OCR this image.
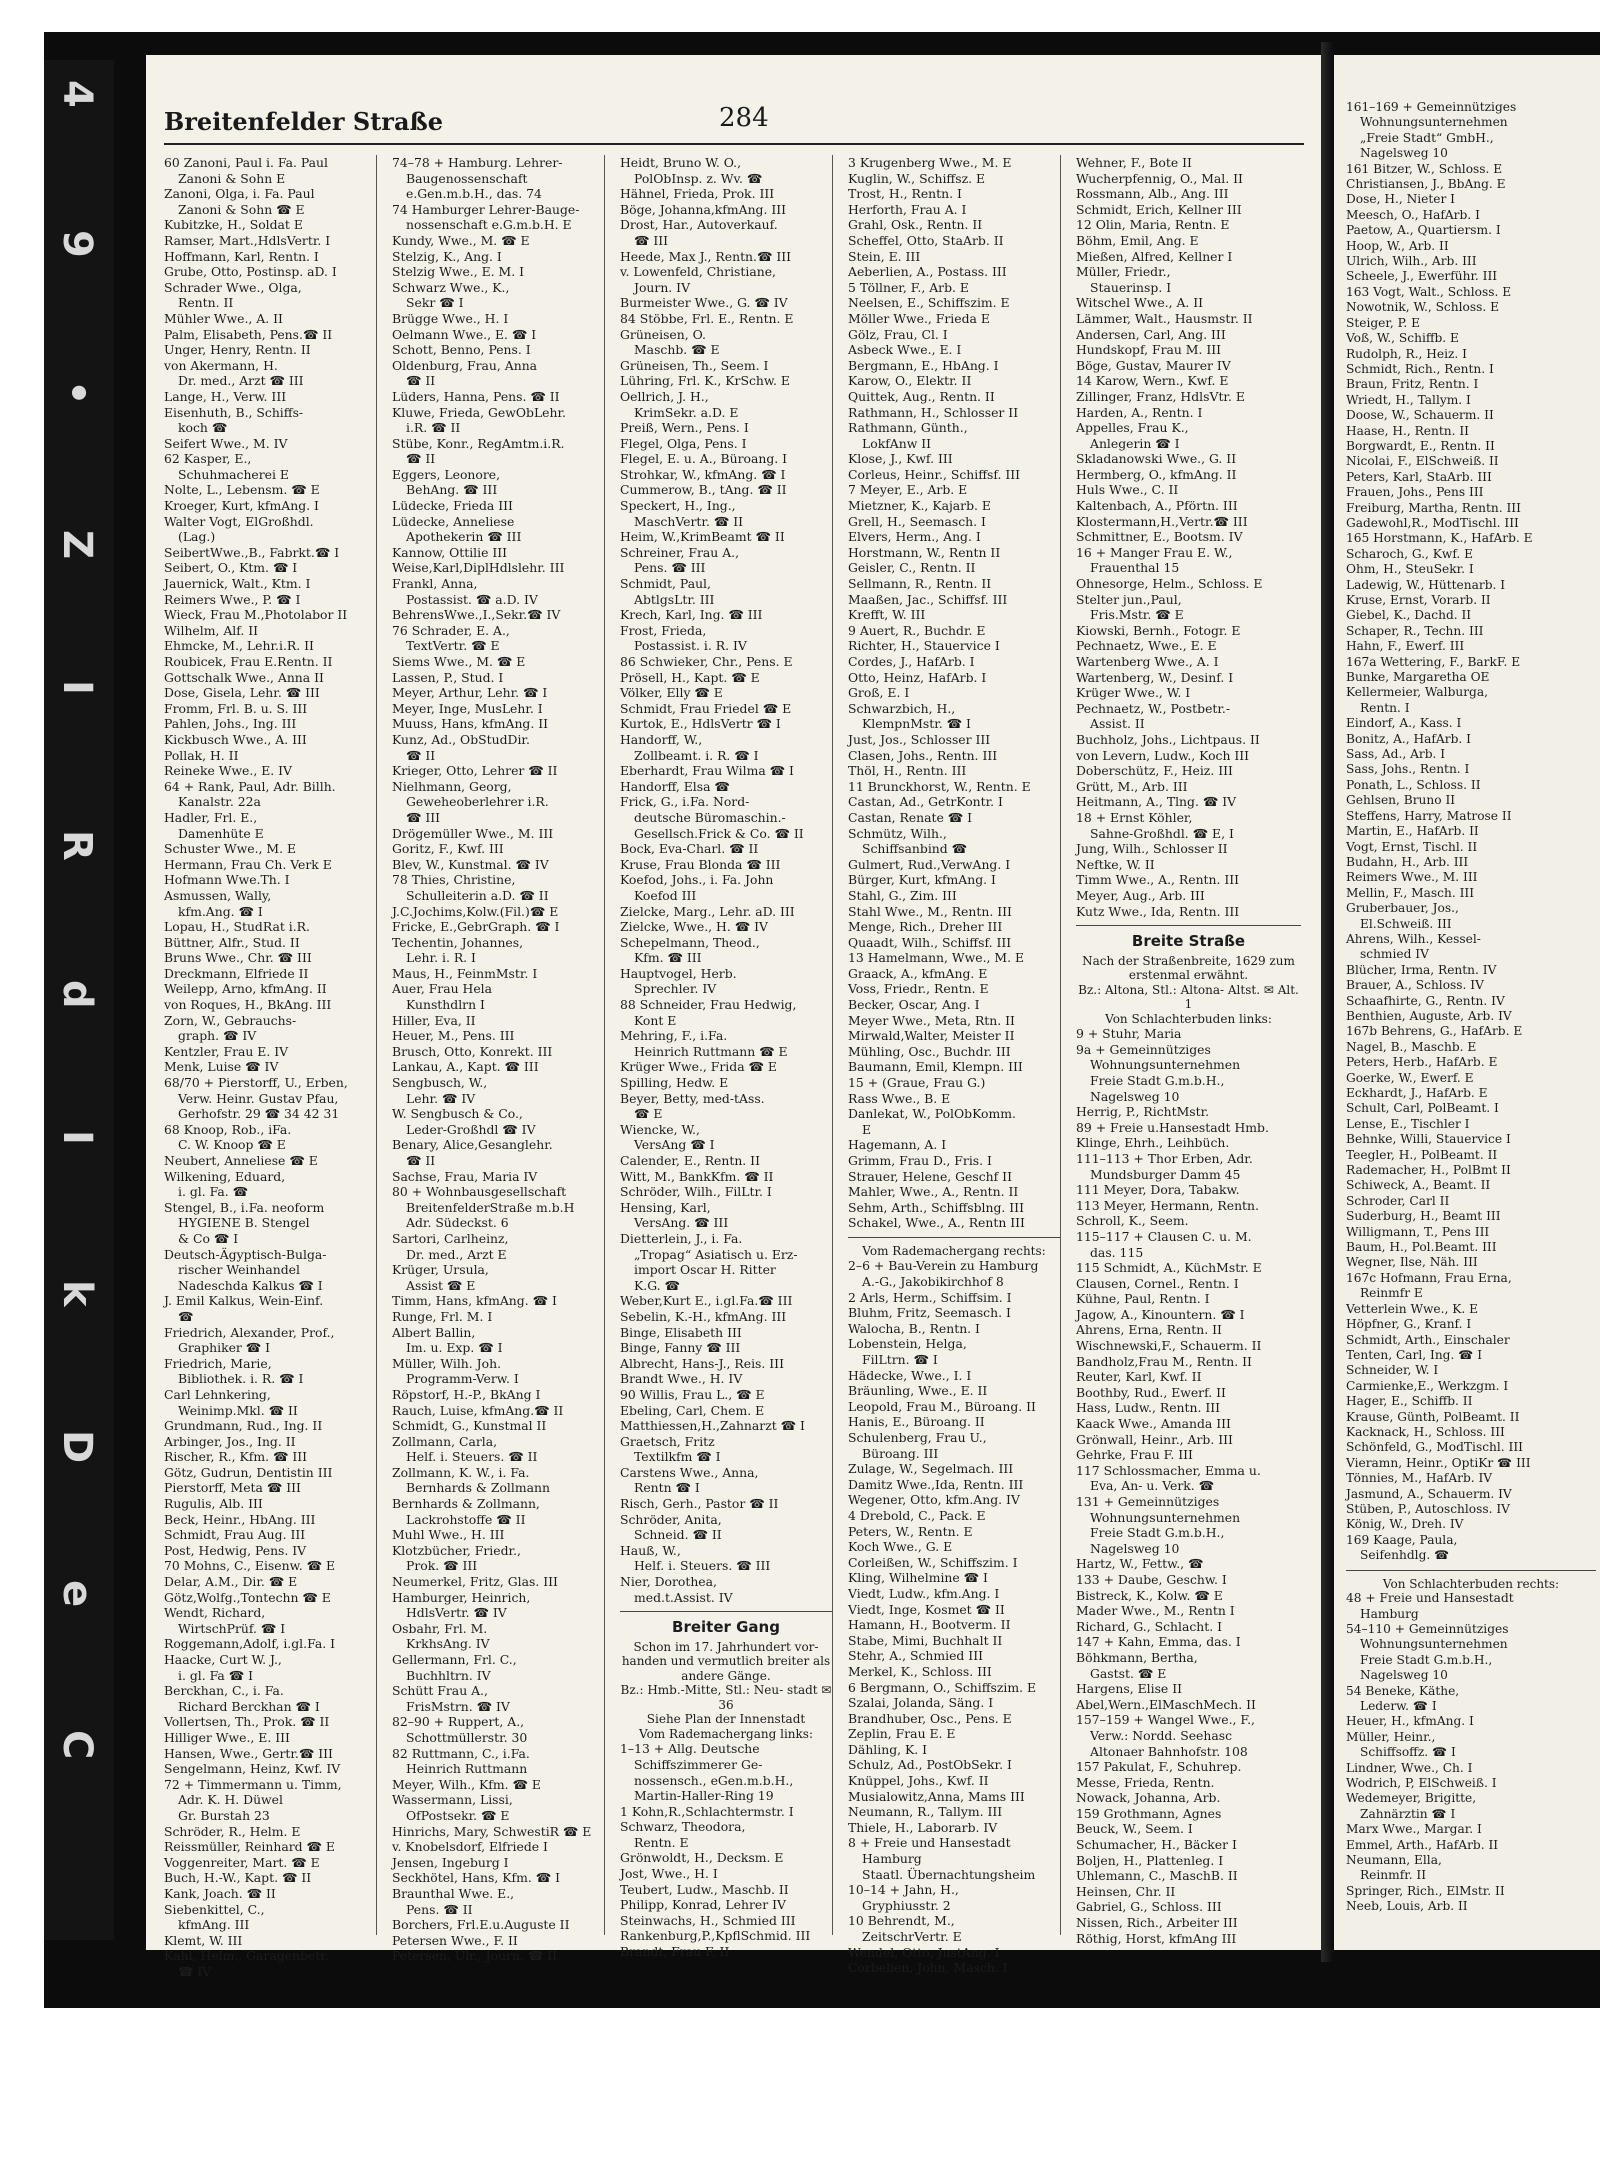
4
9
•
Z
I
R
d
I
k
D
e
C
Breitenfelder Straße	284
60 Zanoni, Paul i. Fa. Paul
Zanoni & Sohn E
Zanoni, Olga, i. Fa. Paul
Zanoni & Sohn ☎ E
Kubitzke, H., Soldat E
Ramser, Mart.,HdlsVertr. I
Hoffmann, Karl, Rentn. I
Grube, Otto, Postinsp. aD. I
Schrader Wwe., Olga,
Rentn. II
Mühler Wwe., A. II
Palm, Elisabeth, Pens.☎ II
Unger, Henry, Rentn. II
von Akermann, H.
Dr. med., Arzt ☎ III
Lange, H., Verw. III
Eisenhuth, B., Schiffs-
koch ☎
Seifert Wwe., M. IV
62 Kasper, E.,
Schuhmacherei E
Nolte, L., Lebensm. ☎ E
Kroeger, Kurt, kfmAng. I
Walter Vogt, ElGroßhdl.
(Lag.)
SeibertWwe.,B., Fabrkt.☎ I
Seibert, O., Ktm. ☎ I
Jauernick, Walt., Ktm. I
Reimers Wwe., P. ☎ I
Wieck, Frau M.,Photolabor II
Wilhelm, Alf. II
Ehmcke, M., Lehr.i.R. II
Roubicek, Frau E.Rentn. II
Gottschalk Wwe., Anna II
Dose, Gisela, Lehr. ☎ III
Fromm, Frl. B. u. S. III
Pahlen, Johs., Ing. III
Kickbusch Wwe., A. III
Pollak, H. II
Reineke Wwe., E. IV
64 + Rank, Paul, Adr. Billh.
Kanalstr. 22a
Hadler, Frl. E.,
Damenhüte E
Schuster Wwe., M. E
Hermann, Frau Ch. Verk E
Hofmann Wwe.Th. I
Asmussen, Wally,
kfm.Ang. ☎ I
Lopau, H., StudRat i.R.
Büttner, Alfr., Stud. II
Bruns Wwe., Chr. ☎ III
Dreckmann, Elfriede II
Weilepp, Arno, kfmAng. II
von Roques, H., BkAng. III
Zorn, W., Gebrauchs-
graph. ☎ IV
Kentzler, Frau E. IV
Menk, Luise ☎ IV
68/70 + Pierstorff, U., Erben,
Verw. Heinr. Gustav Pfau,
Gerhofstr. 29 ☎ 34 42 31
68 Knoop, Rob., iFa.
C. W. Knoop ☎ E
Neubert, Anneliese ☎ E
Wilkening, Eduard,
i. gl. Fa. ☎
Stengel, B., i.Fa. neoform
HYGIENE B. Stengel
& Co ☎ I
Deutsch-Ägyptisch-Bulga-
rischer Weinhandel
Nadeschda Kalkus ☎ I
J. Emil Kalkus, Wein-Einf.
☎
Friedrich, Alexander, Prof.,
Graphiker ☎ I
Friedrich, Marie,
Bibliothek. i. R. ☎ I
Carl Lehnkering,
Weinimp.Mkl. ☎ II
Grundmann, Rud., Ing. II
Arbinger, Jos., Ing. II
Rischer, R., Kfm. ☎ III
Götz, Gudrun, Dentistin III
Pierstorff, Meta ☎ III
Rugulis, Alb. III
Beck, Heinr., HbAng. III
Schmidt, Frau Aug. III
Post, Hedwig, Pens. IV
70 Mohns, C., Eisenw. ☎ E
Delar, A.M., Dir. ☎ E
Götz,Wolfg.,Tontechn ☎ E
Wendt, Richard,
WirtschPrüf. ☎ I
Roggemann,Adolf, i.gl.Fa. I
Haacke, Curt W. J.,
i. gl. Fa ☎ I
Berckhan, C., i. Fa.
Richard Berckhan ☎ I
Vollertsen, Th., Prok. ☎ II
Hilliger Wwe., E. III
Hansen, Wwe., Gertr.☎ III
Sengelmann, Heinz, Kwf. IV
72 + Timmermann u. Timm,
Adr. K. H. Düwel
Gr. Burstah 23
Schröder, R., Helm. E
Reissmüller, Reinhard ☎ E
Voggenreiter, Mart. ☎ E
Buch, H.-W., Kapt. ☎ II
Kank, Joach. ☎ II
Siebenkittel, C.,
kfmAng. III
Klemt, W. III
Kahl, Helm., Garagenbetr.
☎ IV
74–78 + Hamburg. Lehrer-
Baugenossenschaft
e.Gen.m.b.H., das. 74
74 Hamburger Lehrer-Bauge-
nossenschaft e.G.m.b.H. E
Kundy, Wwe., M. ☎ E
Stelzig, K., Ang. I
Stelzig Wwe., E. M. I
Schwarz Wwe., K.,
Sekr ☎ I
Brügge Wwe., H. I
Oelmann Wwe., E. ☎ I
Schott, Benno, Pens. I
Oldenburg, Frau, Anna
☎ II
Lüders, Hanna, Pens. ☎ II
Kluwe, Frieda, GewObLehr.
i.R. ☎ II
Stübe, Konr., RegAmtm.i.R.
☎ II
Eggers, Leonore,
BehAng. ☎ III
Lüdecke, Frieda III
Lüdecke, Anneliese
Apothekerin ☎ III
Kannow, Ottilie III
Weise,Karl,DiplHdlslehr. III
Frankl, Anna,
Postassist. ☎ a.D. IV
BehrensWwe.,I.,Sekr.☎ IV
76 Schrader, E. A.,
TextVertr. ☎ E
Siems Wwe., M. ☎ E
Lassen, P., Stud. I
Meyer, Arthur, Lehr. ☎ I
Meyer, Inge, MusLehr. I
Muuss, Hans, kfmAng. II
Kunz, Ad., ObStudDir.
☎ II
Krieger, Otto, Lehrer ☎ II
Nielhmann, Georg,
Geweheoberlehrer i.R.
☎ III
Drögemüller Wwe., M. III
Goritz, F., Kwf. III
Blev, W., Kunstmal. ☎ IV
78 Thies, Christine,
Schulleiterin a.D. ☎ II
J.C.Jochims,Kolw.(Fil.)☎ E
Fricke, E.,GebrGraph. ☎ I
Techentin, Johannes,
Lehr. i. R. I
Maus, H., FeinmMstr. I
Auer, Frau Hela
Kunsthdlrn I
Hiller, Eva, II
Heuer, M., Pens. III
Brusch, Otto, Konrekt. III
Lankau, A., Kapt. ☎ III
Sengbusch, W.,
Lehr. ☎ IV
W. Sengbusch & Co.,
Leder-Großhdl ☎ IV
Benary, Alice,Gesanglehr.
☎ II
Sachse, Frau, Maria IV
80 + Wohnbausgesellschaft
BreitenfelderStraße m.b.H
Adr. Südeckst. 6
Sartori, Carlheinz,
Dr. med., Arzt E
Krüger, Ursula,
Assist ☎ E
Timm, Hans, kfmAng. ☎ I
Runge, Frl. M. I
Albert Ballin,
Im. u. Exp. ☎ I
Müller, Wilh. Joh.
Programm-Verw. I
Röpstorf, H.-P., BkAng I
Rauch, Luise, kfmAng.☎ II
Schmidt, G., Kunstmal II
Zollmann, Carla,
Helf. i. Steuers. ☎ II
Zollmann, K. W., i. Fa.
Bernhards & Zollmann
Bernhards & Zollmann,
Lackrohstoffe ☎ II
Muhl Wwe., H. III
Klotzbücher, Friedr.,
Prok. ☎ III
Neumerkel, Fritz, Glas. III
Hamburger, Heinrich,
HdlsVertr. ☎ IV
Osbahr, Frl. M.
KrkhsAng. IV
Gellermann, Frl. C.,
Buchhltrn. IV
Schütt Frau A.,
FrisMstrn. ☎ IV
82–90 + Ruppert, A.,
Schottmüllerstr. 30
82 Ruttmann, C., i.Fa.
Heinrich Ruttmann
Meyer, Wilh., Kfm. ☎ E
Wassermann, Lissi,
OfPostsekr. ☎ E
Hinrichs, Mary, SchwestiR ☎ E
v. Knobelsdorf, Elfriede I
Jensen, Ingeburg I
Seckhötel, Hans, Kfm. ☎ I
Braunthal Wwe. E.,
Pens. ☎ II
Borchers, Frl.E.u.Auguste II
Petersen Wwe., F. II
Petersen, Ulr., Journ. ☎ II
Heidt, Bruno W. O.,
PolObInsp. z. Wv. ☎
Hähnel, Frieda, Prok. III
Böge, Johanna,kfmAng. III
Drost, Har., Autoverkauf.
☎ III
Heede, Max J., Rentn.☎ III
v. Lowenfeld, Christiane,
Journ. IV
Burmeister Wwe., G. ☎ IV
84 Stöbbe, Frl. E., Rentn. E
Grüneisen, O.
Maschb. ☎ E
Grüneisen, Th., Seem. I
Lühring, Frl. K., KrSchw. E
Oellrich, J. H.,
KrimSekr. a.D. E
Preiß, Wern., Pens. I
Flegel, Olga, Pens. I
Flegel, E. u. A., Büroang. I
Strohkar, W., kfmAng. ☎ I
Cummerow, B., tAng. ☎ II
Speckert, H., Ing.,
MaschVertr. ☎ II
Heim, W.,KrimBeamt ☎ II
Schreiner, Frau A.,
Pens. ☎ III
Schmidt, Paul,
AbtlgsLtr. III
Krech, Karl, Ing. ☎ III
Frost, Frieda,
Postassist. i. R. IV
86 Schwieker, Chr., Pens. E
Prösell, H., Kapt. ☎ E
Völker, Elly ☎ E
Schmidt, Frau Friedel ☎ E
Kurtok, E., HdlsVertr ☎ I
Handorff, W.,
Zollbeamt. i. R. ☎ I
Eberhardt, Frau Wilma ☎ I
Handorff, Elsa ☎
Frick, G., i.Fa. Nord-
deutsche Büromaschin.-
Gesellsch.Frick & Co. ☎ II
Bock, Eva-Charl. ☎ II
Kruse, Frau Blonda ☎ III
Koefod, Johs., i. Fa. John
Koefod III
Zielcke, Marg., Lehr. aD. III
Zielcke, Wwe., H. ☎ IV
Schepelmann, Theod.,
Kfm. ☎ III
Hauptvogel, Herb.
Sprechler. IV
88 Schneider, Frau Hedwig,
Kont E
Mehring, F., i.Fa.
Heinrich Ruttmann ☎ E
Krüger Wwe., Frida ☎ E
Spilling, Hedw. E
Beyer, Betty, med-tAss.
☎ E
Wiencke, W.,
VersAng ☎ I
Calender, E., Rentn. II
Witt, M., BankKfm. ☎ II
Schröder, Wilh., FilLtr. I
Hensing, Karl,
VersAng. ☎ III
Dietterlein, J., i. Fa.
„Tropag“ Asiatisch u. Erz-
import Oscar H. Ritter
K.G. ☎
Weber,Kurt E., i.gl.Fa.☎ III
Sebelin, K.-H., kfmAng. III
Binge, Elisabeth III
Binge, Fanny ☎ III
Albrecht, Hans-J., Reis. III
Brandt Wwe., H. IV
90 Willis, Frau L., ☎ E
Ebeling, Carl, Chem. E
Matthiessen,H.,Zahnarzt ☎ I
Graetsch, Fritz
Textilkfm ☎ I
Carstens Wwe., Anna,
Rentn ☎ I
Risch, Gerh., Pastor ☎ II
Schröder, Anita,
Schneid. ☎ II
Hauß, W.,
Helf. i. Steuers. ☎ III
Nier, Dorothea,
med.t.Assist. IV
Breiter Gang
Schon im 17. Jahrhundert vor- handen und vermutlich breiter als andere Gänge.
Bz.: Hmb.-Mitte, Stl.: Neu- stadt ✉ 36
Siehe Plan der Innenstadt
Vom Rademachergang links:
1–13 + Allg. Deutsche
Schiffszimmerer Ge-
nossensch., eGen.m.b.H.,
Martin-Haller-Ring 19
1 Kohn,R.,Schlachtermstr. I
Schwarz, Theodora,
Rentn. E
Grönwoldt, H., Decksm. E
Jost, Wwe., H. I
Teubert, Ludw., Maschb. II
Philipp, Konrad, Lehrer IV
Steinwachs, H., Schmied III
Rankenburg,P.,KpflSchmid. III
Brandt, Frau F. II
3 Krugenberg Wwe., M. E
Kuglin, W., Schiffsz. E
Trost, H., Rentn. I
Herforth, Frau A. I
Grahl, Osk., Rentn. II
Scheffel, Otto, StaArb. II
Stein, E. III
Aeberlien, A., Postass. III
5 Töllner, F., Arb. E
Neelsen, E., Schiffszim. E
Möller Wwe., Frieda E
Gölz, Frau, Cl. I
Asbeck Wwe., E. I
Bergmann, E., HbAng. I
Karow, O., Elektr. II
Quittek, Aug., Rentn. II
Rathmann, H., Schlosser II
Rathmann, Günth.,
LokfAnw II
Klose, J., Kwf. III
Corleus, Heinr., Schiffsf. III
7 Meyer, E., Arb. E
Mietzner, K., Kajarb. E
Grell, H., Seemasch. I
Elvers, Herm., Ang. I
Horstmann, W., Rentn II
Geisler, C., Rentn. II
Sellmann, R., Rentn. II
Maaßen, Jac., Schiffsf. III
Krefft, W. III
9 Auert, R., Buchdr. E
Richter, H., Stauervice I
Cordes, J., HafArb. I
Otto, Heinz, HafArb. I
Groß, E. I
Schwarzbich, H.,
KlempnMstr. ☎ I
Just, Jos., Schlosser III
Clasen, Johs., Rentn. III
Thöl, H., Rentn. III
11 Brunckhorst, W., Rentn. E
Castan, Ad., GetrKontr. I
Castan, Renate ☎ I
Schmütz, Wilh.,
Schiffsanbind ☎
Gulmert, Rud.,VerwAng. I
Bürger, Kurt, kfmAng. I
Stahl, G., Zim. III
Stahl Wwe., M., Rentn. III
Menge, Rich., Dreher III
Quaadt, Wilh., Schiffsf. III
13 Hamelmann, Wwe., M. E
Graack, A., kfmAng. E
Voss, Friedr., Rentn. E
Becker, Oscar, Ang. I
Meyer Wwe., Meta, Rtn. II
Mirwald,Walter, Meister II
Mühling, Osc., Buchdr. III
Baumann, Emil, Klempn. III
15 + (Graue, Frau G.)
Rass Wwe., B. E
Danlekat, W., PolObKomm.
E
Hagemann, A. I
Grimm, Frau D., Fris. I
Strauer, Helene, Geschf II
Mahler, Wwe., A., Rentn. II
Sehm, Arth., Schiffsblng. III
Schakel, Wwe., A., Rentn III
Vom Rademachergang rechts:
2–6 + Bau-Verein zu Hamburg
A.-G., Jakobikirchhof 8
2 Arls, Herm., Schiffsim. I
Bluhm, Fritz, Seemasch. I
Walocha, B., Rentn. I
Lobenstein, Helga,
FilLtrn. ☎ I
Hädecke, Wwe., I. I
Bräunling, Wwe., E. II
Leopold, Frau M., Büroang. II
Hanis, E., Büroang. II
Schulenberg, Frau U.,
Büroang. III
Zulage, W., Segelmach. III
Damitz Wwe.,Ida, Rentn. III
Wegener, Otto, kfm.Ang. IV
4 Drebold, C., Pack. E
Peters, W., Rentn. E
Koch Wwe., G. E
Corleißen, W., Schiffszim. I
Kling, Wilhelmine ☎ I
Viedt, Ludw., kfm.Ang. I
Viedt, Inge, Kosmet ☎ II
Hamann, H., Bootverm. II
Stabe, Mimi, Buchhalt II
Stehr, A., Schmied III
Merkel, K., Schloss. III
6 Bergmann, O., Schiffszim. E
Szalai, Jolanda, Säng. I
Brandhuber, Osc., Pens. E
Zeplin, Frau E. E
Dähling, K. I
Schulz, Ad., PostObSekr. I
Knüppel, Johs., Kwf. II
Musialowitz,Anna, Mams III
Neumann, R., Tallym. III
Thiele, H., Laborarb. IV
8 + Freie und Hansestadt
Hamburg
Staatl. Übernachtungsheim
10–14 + Jahn, H.,
Gryphiusstr. 2
10 Behrendt, M.,
ZeitschrVertr. E
Wendel, Otto, JustAng. I
Corbelien, John, Masch. I
Wehner, F., Bote II
Wucherpfennig, O., Mal. II
Rossmann, Alb., Ang. III
Schmidt, Erich, Kellner III
12 Olin, Maria, Rentn. E
Böhm, Emil, Ang. E
Mießen, Alfred, Kellner I
Müller, Friedr.,
Stauerinsp. I
Witschel Wwe., A. II
Lämmer, Walt., Hausmstr. II
Andersen, Carl, Ang. III
Hundskopf, Frau M. III
Böge, Gustav, Maurer IV
14 Karow, Wern., Kwf. E
Zillinger, Franz, HdlsVtr. E
Harden, A., Rentn. I
Appelles, Frau K.,
Anlegerin ☎ I
Skladanowski Wwe., G. II
Hermberg, O., kfmAng. II
Huls Wwe., C. II
Kaltenbach, A., Pförtn. III
Klostermann,H.,Vertr.☎ III
Schmittner, E., Bootsm. IV
16 + Manger Frau E. W.,
Frauenthal 15
Ohnesorge, Helm., Schloss. E
Stelter jun.,Paul,
Fris.Mstr. ☎ E
Kiowski, Bernh., Fotogr. E
Pechnaetz, Wwe., E. E
Wartenberg Wwe., A. I
Wartenberg, W., Desinf. I
Krüger Wwe., W. I
Pechnaetz, W., Postbetr.-
Assist. II
Buchholz, Johs., Lichtpaus. II
von Levern, Ludw., Koch III
Doberschütz, F., Heiz. III
Grütt, M., Arb. III
Heitmann, A., Tlng. ☎ IV
18 + Ernst Köhler,
Sahne-Großhdl. ☎ E, I
Jung, Wilh., Schlosser II
Neftke, W. II
Timm Wwe., A., Rentn. III
Meyer, Aug., Arb. III
Kutz Wwe., Ida, Rentn. III
Breite Straße
Nach der Straßenbreite, 1629 zum erstenmal erwähnt.
Bz.: Altona, Stl.: Altona- Altst. ✉ Alt. 1
Von Schlachterbuden links:
9 + Stuhr, Maria
9a + Gemeinnütziges
Wohnungsunternehmen
Freie Stadt G.m.b.H.,
Nagelsweg 10
Herrig, P., RichtMstr.
89 + Freie u.Hansestadt Hmb.
Klinge, Ehrh., Leihbüch.
111–113 + Thor Erben, Adr.
Mundsburger Damm 45
111 Meyer, Dora, Tabakw.
113 Meyer, Hermann, Rentn.
Schroll, K., Seem.
115–117 + Clausen C. u. M.
das. 115
115 Schmidt, A., KüchMstr. E
Clausen, Cornel., Rentn. I
Kühne, Paul, Rentn. I
Jagow, A., Kinountern. ☎ I
Ahrens, Erna, Rentn. II
Wischnewski,F., Schauerm. II
Bandholz,Frau M., Rentn. II
Reuter, Karl, Kwf. II
Boothby, Rud., Ewerf. II
Hass, Ludw., Rentn. III
Kaack Wwe., Amanda III
Grönwall, Heinr., Arb. III
Gehrke, Frau F. III
117 Schlossmacher, Emma u.
Eva, An- u. Verk. ☎
131 + Gemeinnütziges
Wohnungsunternehmen
Freie Stadt G.m.b.H.,
Nagelsweg 10
Hartz, W., Fettw., ☎
133 + Daube, Geschw. I
Bistreck, K., Kolw. ☎ E
Mader Wwe., M., Rentn I
Richard, G., Schlacht. I
147 + Kahn, Emma, das. I
Böhkmann, Bertha,
Gastst. ☎ E
Hargens, Elise II
Abel,Wern.,ElMaschMech. II
157–159 + Wangel Wwe., F.,
Verw.: Nordd. Seehasc
Altonaer Bahnhofstr. 108
157 Pakulat, F., Schuhrep.
Messe, Frieda, Rentn.
Nowack, Johanna, Arb.
159 Grothmann, Agnes
Beuck, W., Seem. I
Schumacher, H., Bäcker I
Boljen, H., Plattenleg. I
Uhlemann, C., MaschB. II
Heinsen, Chr. II
Gabriel, G., Schloss. III
Nissen, Rich., Arbeiter III
Röthig, Horst, kfmAng III
161–169 + Gemeinnütziges
Wohnungsunternehmen
„Freie Stadt“ GmbH.,
Nagelsweg 10
161 Bitzer, W., Schloss. E
Christiansen, J., BbAng. E
Dose, H., Nieter I
Meesch, O., HafArb. I
Paetow, A., Quartiersm. I
Hoop, W., Arb. II
Ulrich, Wilh., Arb. III
Scheele, J., Ewerführ. III
163 Vogt, Walt., Schloss. E
Nowotnik, W., Schloss. E
Steiger, P. E
Voß, W., Schiffb. E
Rudolph, R., Heiz. I
Schmidt, Rich., Rentn. I
Braun, Fritz, Rentn. I
Wriedt, H., Tallym. I
Doose, W., Schauerm. II
Haase, H., Rentn. II
Borgwardt, E., Rentn. II
Nicolai, F., ElSchweiß. II
Peters, Karl, StaArb. III
Frauen, Johs., Pens III
Freiburg, Martha, Rentn. III
Gadewohl,R., ModTischl. III
165 Horstmann, K., HafArb. E
Scharoch, G., Kwf. E
Ohm, H., SteuSekr. I
Ladewig, W., Hüttenarb. I
Kruse, Ernst, Vorarb. II
Giebel, K., Dachd. II
Schaper, R., Techn. III
Hahn, F., Ewerf. III
167a Wettering, F., BarkF. E
Bunke, Margaretha OE
Kellermeier, Walburga,
Rentn. I
Eindorf, A., Kass. I
Bonitz, A., HafArb. I
Sass, Ad., Arb. I
Sass, Johs., Rentn. I
Ponath, L., Schloss. II
Gehlsen, Bruno II
Steffens, Harry, Matrose II
Martin, E., HafArb. II
Vogt, Ernst, Tischl. II
Budahn, H., Arb. III
Reimers Wwe., M. III
Mellin, F., Masch. III
Gruberbauer, Jos.,
El.Schweiß. III
Ahrens, Wilh., Kessel-
schmied IV
Blücher, Irma, Rentn. IV
Brauer, A., Schloss. IV
Schaafhirte, G., Rentn. IV
Benthien, Auguste, Arb. IV
167b Behrens, G., HafArb. E
Nagel, B., Maschb. E
Peters, Herb., HafArb. E
Goerke, W., Ewerf. E
Eckhardt, J., HafArb. E
Schult, Carl, PolBeamt. I
Lense, E., Tischler I
Behnke, Willi, Stauervice I
Teegler, H., PolBeamt. II
Rademacher, H., PolBmt II
Schiweck, A., Beamt. II
Schroder, Carl II
Suderburg, H., Beamt III
Willigmann, T., Pens III
Baum, H., Pol.Beamt. III
Wegner, Ilse, Näh. III
167c Hofmann, Frau Erna,
Reinmfr E
Vetterlein Wwe., K. E
Höpfner, G., Kranf. I
Schmidt, Arth., Einschaler
Tenten, Carl, Ing. ☎ I
Schneider, W. I
Carmienke,E., Werkzgm. I
Hager, E., Schiffb. II
Krause, Günth, PolBeamt. II
Kacknack, H., Schloss. III
Schönfeld, G., ModTischl. III
Vieramn, Heinr., OptiKr ☎ III
Tönnies, M., HafArb. IV
Jasmund, A., Schauerm. IV
Stüben, P., Autoschloss. IV
König, W., Dreh. IV
169 Kaage, Paula,
Seifenhdlg. ☎
Von Schlachterbuden rechts:
48 + Freie und Hansestadt
Hamburg
54–110 + Gemeinnütziges
Wohnungsunternehmen
Freie Stadt G.m.b.H.,
Nagelsweg 10
54 Beneke, Käthe,
Lederw. ☎ I
Heuer, H., kfmAng. I
Müller, Heinr.,
Schiffsoffz. ☎ I
Lindner, Wwe., Ch. I
Wodrich, P, ElSchweiß. I
Wedemeyer, Brigitte,
Zahnärztin ☎ I
Marx Wwe., Margar. I
Emmel, Arth., HafArb. II
Neumann, Ella,
Reinmfr. II
Springer, Rich., ElMstr. II
Neeb, Louis, Arb. II
